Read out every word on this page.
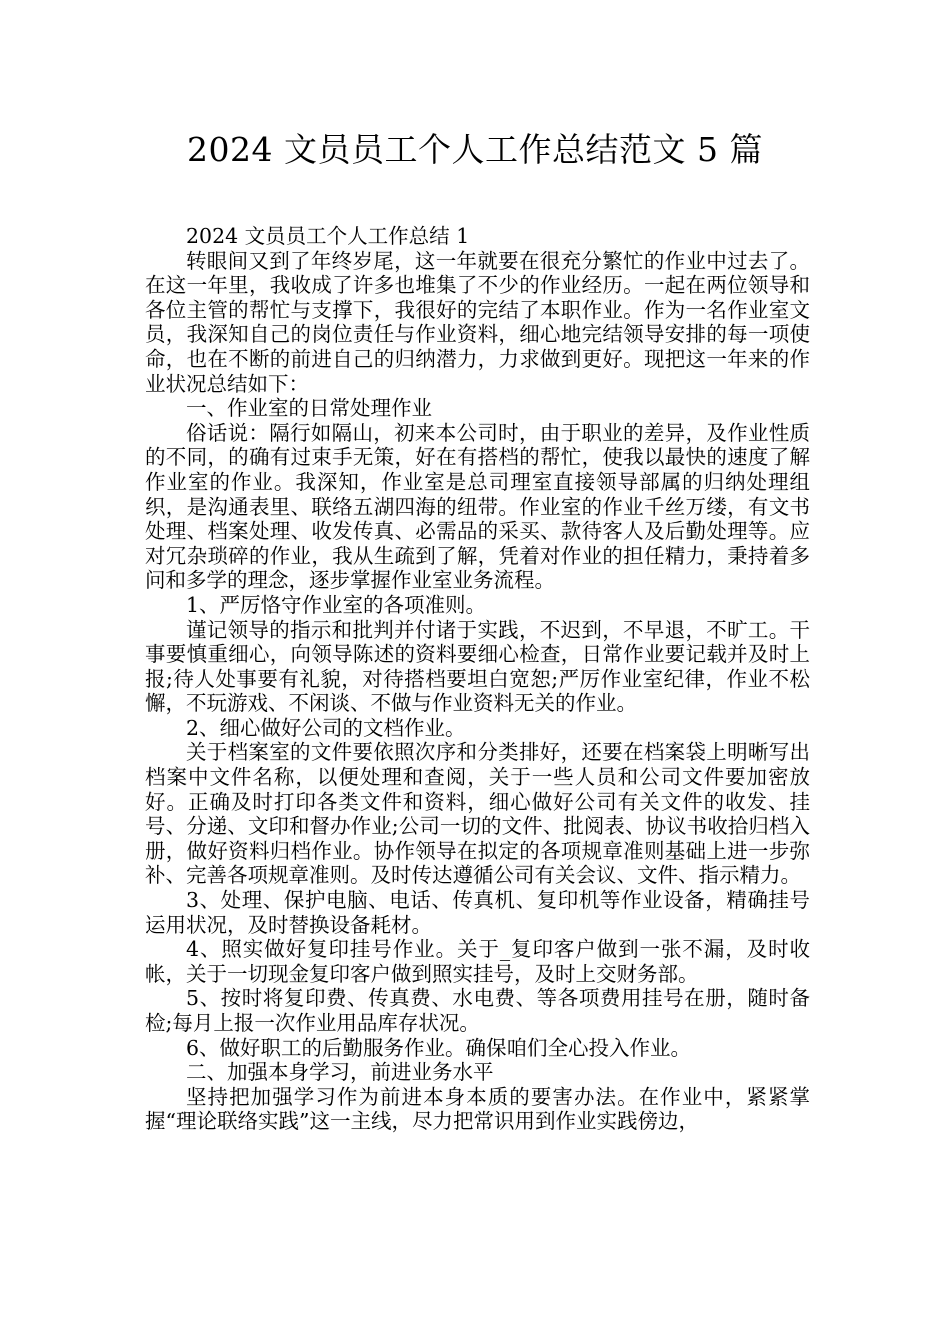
2024 文员员工个人工作总结范文 5 篇

2024 文员员工个人工作总结 1

转眼间又到了年终岁尾，这一年就要在很充分繁忙的作业中过去了。在这一年里，我收成了许多也堆集了不少的作业经历。一起在两位领导和各位主管的帮忙与支撑下，我很好的完结了本职作业。作为一名作业室文员，我深知自己的岗位责任与作业资料，细心地完结领导安排的每一项使命，也在不断的前进自己的归纳潜力，力求做到更好。现把这一年来的作业状况总结如下：

一、作业室的日常处理作业

俗话说：隔行如隔山，初来本公司时，由于职业的差异，及作业性质的不同，的确有过束手无策，好在有搭档的帮忙，使我以最快的速度了解作业室的作业。我深知，作业室是总司理室直接领导部属的归纳处理组织，是沟通表里、联络五湖四海的纽带。作业室的作业千丝万缕，有文书处理、档案处理、收发传真、必需品的采买、款待客人及后勤处理等。应对冗杂琐碎的作业，我从生疏到了解，凭着对作业的担任精力，秉持着多问和多学的理念，逐步掌握作业室业务流程。

1、严厉恪守作业室的各项准则。

谨记领导的指示和批判并付诸于实践，不迟到，不早退，不旷工。干事要慎重细心，向领导陈述的资料要细心检查，日常作业要记载并及时上报;待人处事要有礼貌，对待搭档要坦白宽恕;严厉作业室纪律，作业不松懈，不玩游戏、不闲谈、不做与作业资料无关的作业。

2、细心做好公司的文档作业。

关于档案室的文件要依照次序和分类排好，还要在档案袋上明晰写出档案中文件名称，以便处理和查阅，关于一些人员和公司文件要加密放好。正确及时打印各类文件和资料，细心做好公司有关文件的收发、挂号、分递、文印和督办作业;公司一切的文件、批阅表、协议书收拾归档入册，做好资料归档作业。协作领导在拟定的各项规章准则基础上进一步弥补、完善各项规章准则。及时传达遵循公司有关会议、文件、指示精力。

3、处理、保护电脑、电话、传真机、复印机等作业设备，精确挂号运用状况，及时替换设备耗材。

4、照实做好复印挂号作业。关于_复印客户做到一张不漏，及时收帐，关于一切现金复印客户做到照实挂号，及时上交财务部。

5、按时将复印费、传真费、水电费、等各项费用挂号在册，随时备检;每月上报一次作业用品库存状况。

6、做好职工的后勤服务作业。确保咱们全心投入作业。

二、加强本身学习，前进业务水平

坚持把加强学习作为前进本身本质的要害办法。在作业中，紧紧掌握“理论联络实践”这一主线，尽力把常识用到作业实践傍边，
